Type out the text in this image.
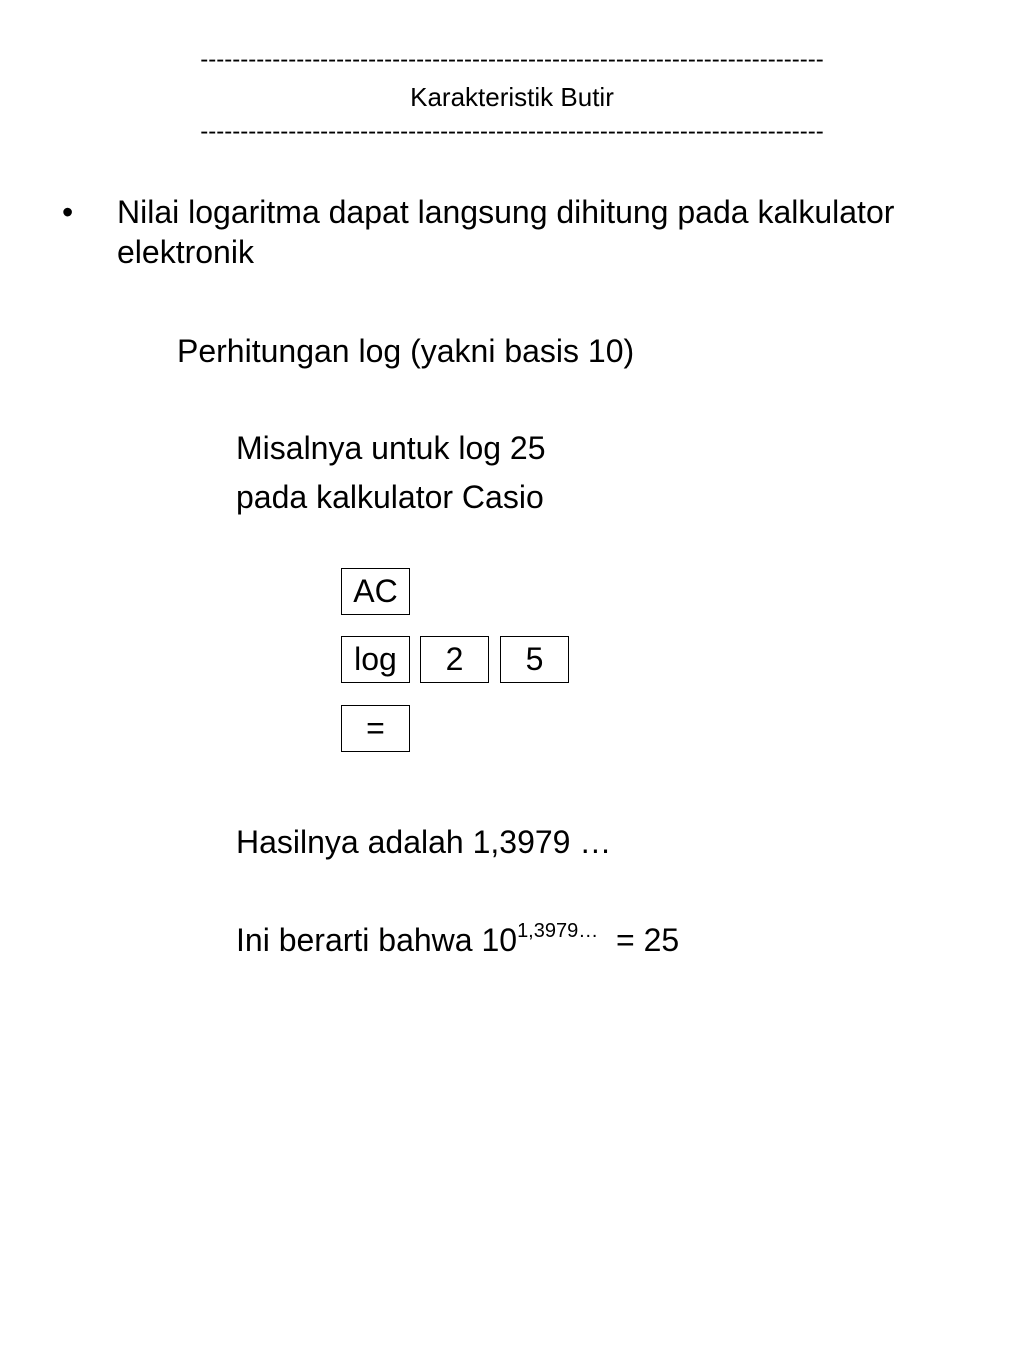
------------------------------------------------------------------------------
Karakteristik Butir
------------------------------------------------------------------------------
• Nilai logaritma dapat langsung dihitung pada kalkulator elektronik
Perhitungan log (yakni basis 10)
Misalnya untuk log 25
pada kalkulator Casio
AC
log	2	5
=
Hasilnya adalah 1,3979 …
Ini berarti bahwa $10^{1,3979\dots} = 25$
